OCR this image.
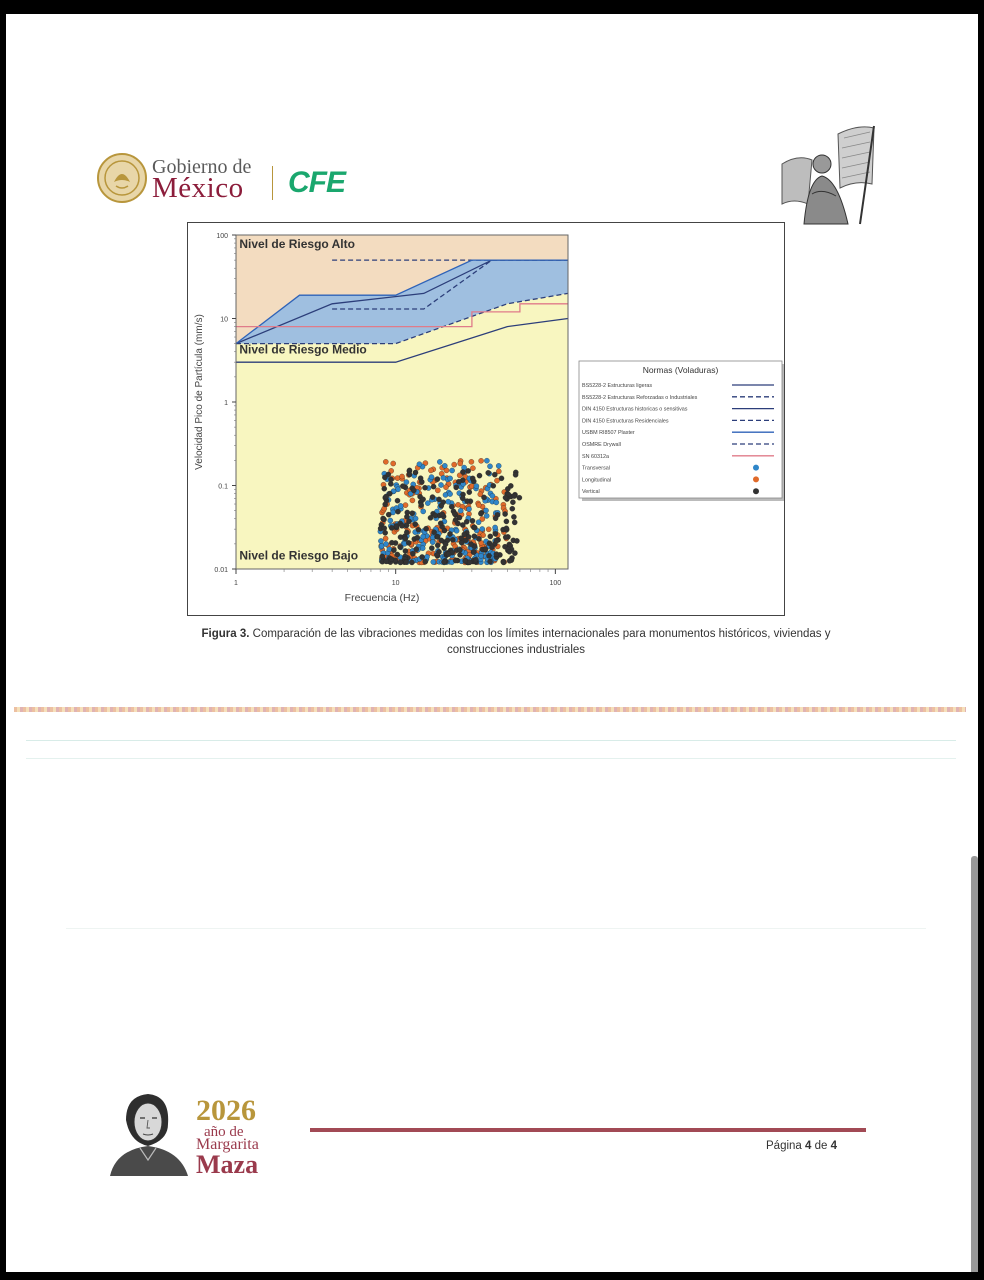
Gobierno de
México CFE
Nivel de Riesgo Alto
Nivel de Riesgo Medio
Nivel de Riesgo Bajo
0.01
0.1
1
10
100
1	10	100
Frecuencia (Hz)
Velocidad Pico de Partícula (mm/s)	Normas (Voladuras)
BS5228-2 Estructuras ligeras
BS5228-2 Estructuras Reforzadas o Industriales
DIN 4150 Estructuras historicas o sensitivas
DIN 4150 Estructuras Residenciales
USBM RI8507 Plaster
OSMRE Drywall
SN 60312a
Transversal
Longitudinal
Vertical
Figura 3. Comparación de las vibraciones medidas con los límites internacionales para monumentos históricos, viviendas y construcciones industriales
2026
año de
Margarita
Maza
Página 4 de 4
